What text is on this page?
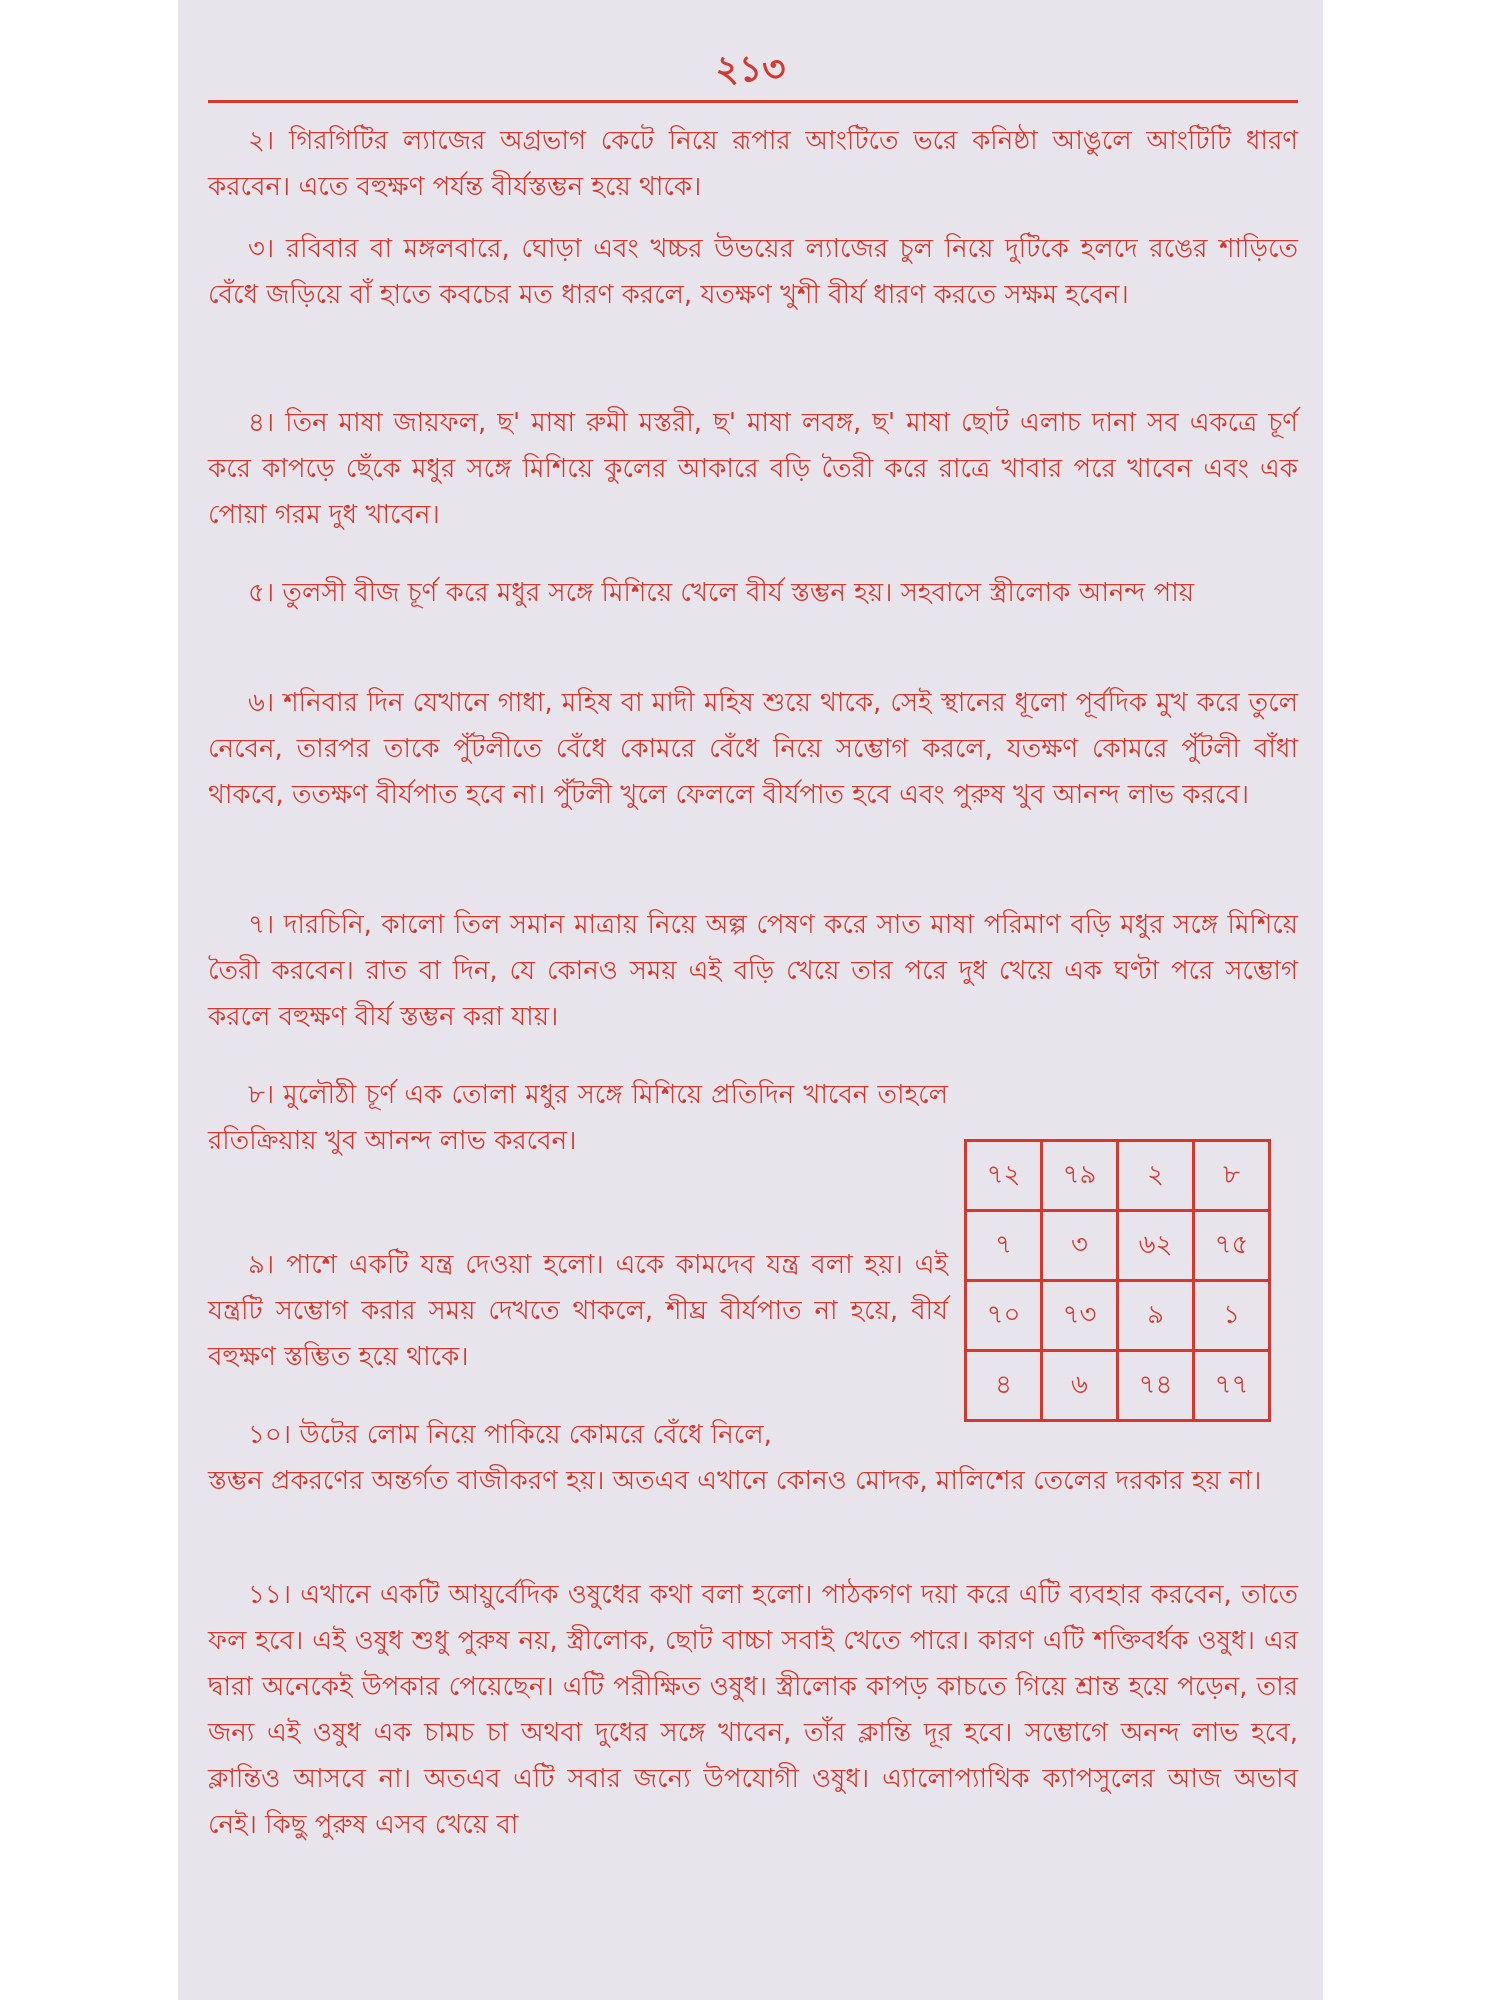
২১৩

২। গিরগিটির ল্যাজের অগ্রভাগ কেটে নিয়ে রূপার আংটিতে ভরে কনিষ্ঠা আঙুলে আংটিটি ধারণ করবেন। এতে বহুক্ষণ পর্যন্ত বীর্যস্তম্ভন হয়ে থাকে।

৩। রবিবার বা মঙ্গলবারে, ঘোড়া এবং খচ্চর উভয়ের ল্যাজের চুল নিয়ে দুটিকে হলদে রঙের শাড়িতে বেঁধে জড়িয়ে বাঁ হাতে কবচের মত ধারণ করলে, যতক্ষণ খুশী বীর্য ধারণ করতে সক্ষম হবেন।

৪। তিন মাষা জায়ফল, ছ' মাষা রুমী মস্তরী, ছ' মাষা লবঙ্গ, ছ' মাষা ছোট এলাচ দানা সব একত্রে চূর্ণ করে কাপড়ে ছেঁকে মধুর সঙ্গে মিশিয়ে কুলের আকারে বড়ি তৈরী করে রাত্রে খাবার পরে খাবেন এবং এক পোয়া গরম দুধ খাবেন।

৫। তুলসী বীজ চূর্ণ করে মধুর সঙ্গে মিশিয়ে খেলে বীর্য স্তম্ভন হয়। সহবাসে স্ত্রীলোক আনন্দ পায়

৬। শনিবার দিন যেখানে গাধা, মহিষ বা মাদী মহিষ শুয়ে থাকে, সেই স্থানের ধূলো পূর্বদিক মুখ করে তুলে নেবেন, তারপর তাকে পুঁটলীতে বেঁধে কোমরে বেঁধে নিয়ে সম্ভোগ করলে, যতক্ষণ কোমরে পুঁটলী বাঁধা থাকবে, ততক্ষণ বীর্যপাত হবে না। পুঁটলী খুলে ফেললে বীর্যপাত হবে এবং পুরুষ খুব আনন্দ লাভ করবে।

৭। দারচিনি, কালো তিল সমান মাত্রায় নিয়ে অল্প পেষণ করে সাত মাষা পরিমাণ বড়ি মধুর সঙ্গে মিশিয়ে তৈরী করবেন। রাত বা দিন, যে কোনও সময় এই বড়ি খেয়ে তার পরে দুধ খেয়ে এক ঘণ্টা পরে সম্ভোগ করলে বহুক্ষণ বীর্য স্তম্ভন করা যায়।

৮। মুলৌঠী চূর্ণ এক তোলা মধুর সঙ্গে মিশিয়ে প্রতিদিন খাবেন তাহলে রতিক্রিয়ায় খুব আনন্দ লাভ করবেন।

৯। পাশে একটি যন্ত্র দেওয়া হলো। একে কামদেব যন্ত্র বলা হয়। এই যন্ত্রটি সম্ভোগ করার সময় দেখতে থাকলে, শীঘ্র বীর্যপাত না হয়ে, বীর্য বহুক্ষণ স্তম্ভিত হয়ে থাকে।

১০। উটের লোম নিয়ে পাকিয়ে কোমরে বেঁধে নিলে,

স্তম্ভন প্রকরণের অন্তর্গত বাজীকরণ হয়। অতএব এখানে কোনও মোদক, মালিশের তেলের দরকার হয় না।

১১। এখানে একটি আয়ুর্বেদিক ওষুধের কথা বলা হলো। পাঠকগণ দয়া করে এটি ব্যবহার করবেন, তাতে ফল হবে। এই ওষুধ শুধু পুরুষ নয়, স্ত্রীলোক, ছোট বাচ্চা সবাই খেতে পারে। কারণ এটি শক্তিবর্ধক ওষুধ। এর দ্বারা অনেকেই উপকার পেয়েছেন। এটি পরীক্ষিত ওষুধ। স্ত্রীলোক কাপড় কাচতে গিয়ে শ্রান্ত হয়ে পড়েন, তার জন্য এই ওষুধ এক চামচ চা অথবা দুধের সঙ্গে খাবেন, তাঁর ক্লান্তি দূর হবে। সম্ভোগে অনন্দ লাভ হবে, ক্লান্তিও আসবে না। অতএব এটি সবার জন্যে উপযোগী ওষুধ। এ্যালোপ্যাথিক ক্যাপসুলের আজ অভাব নেই। কিছু পুরুষ এসব খেয়ে বা

৭২	৭৯	২	৮
৭	৩	৬২	৭৫
৭০	৭৩	৯	১
৪	৬	৭৪	৭৭
